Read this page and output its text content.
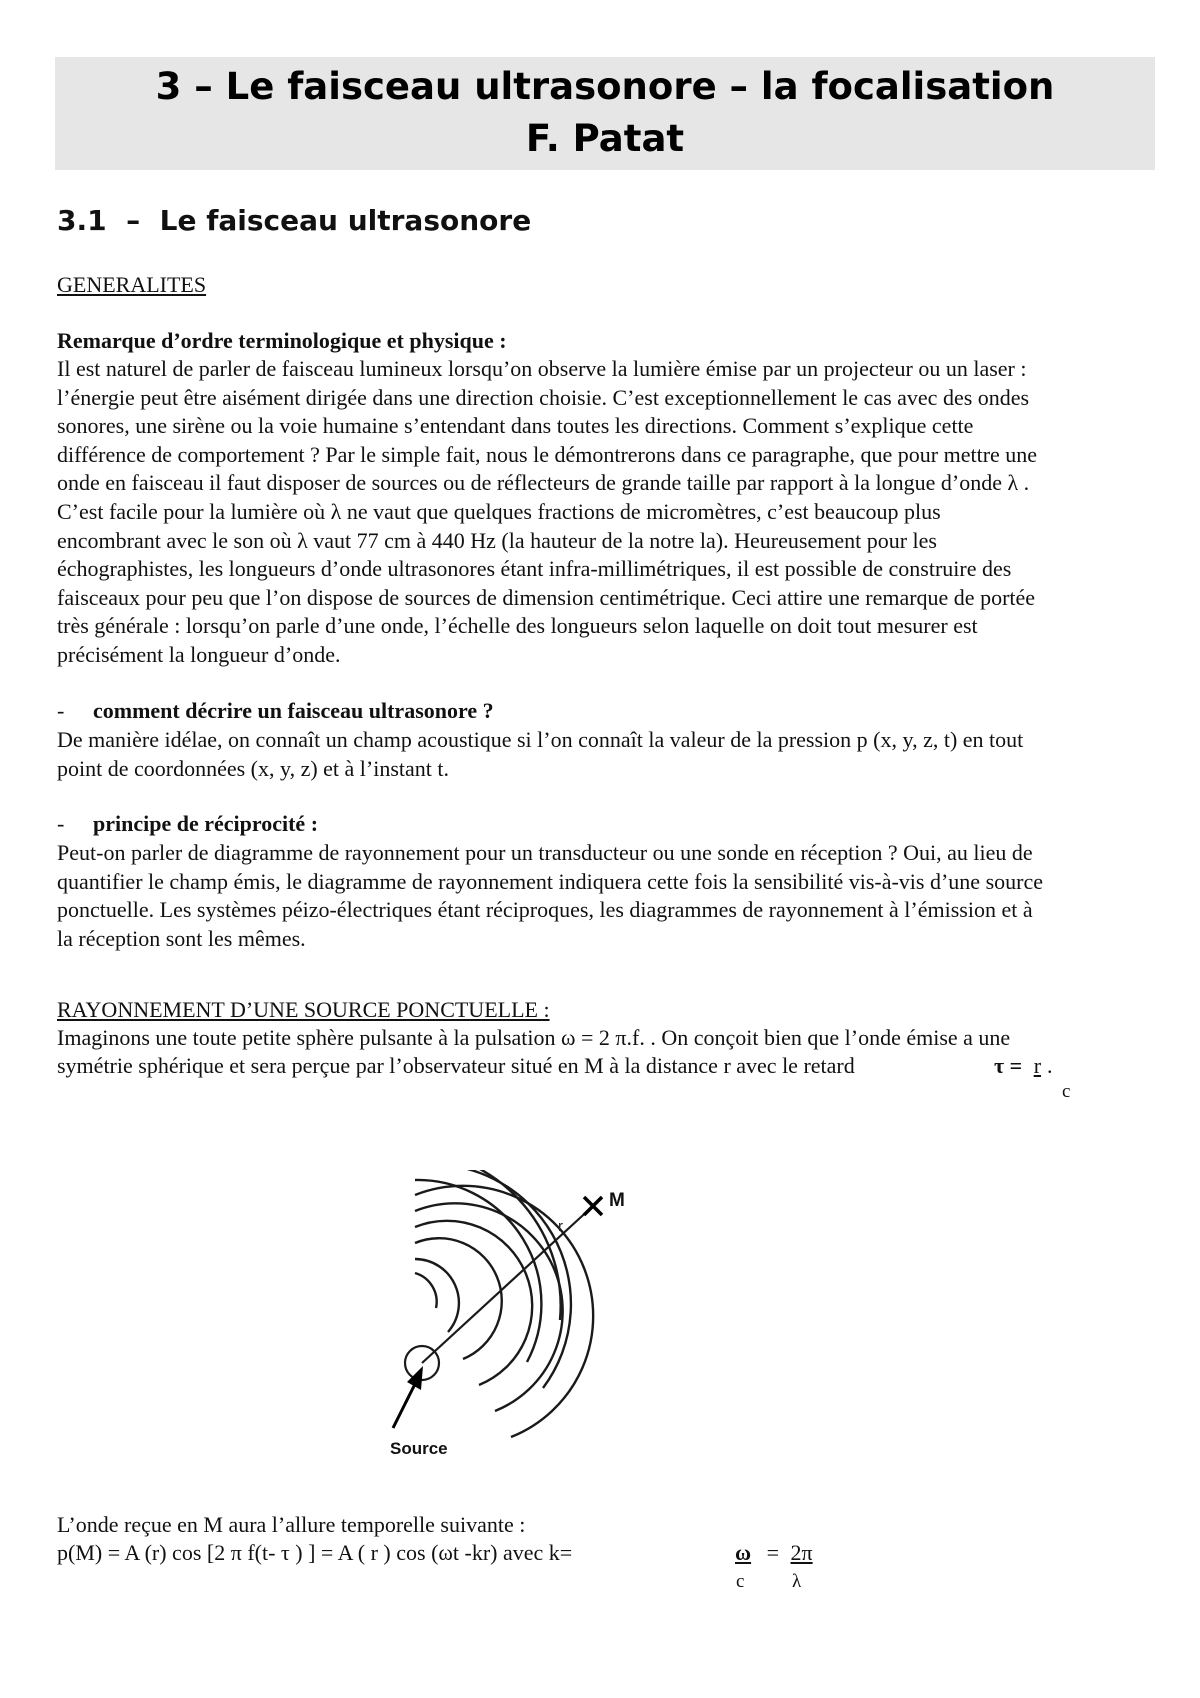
3 – Le faisceau ultrasonore – la focalisation
F. Patat
3.1 – Le faisceau ultrasonore
GENERALITES
Remarque d’ordre terminologique et physique :

Il est naturel de parler de faisceau lumineux lorsqu’on observe la lumière émise par un projecteur ou un laser :

l’énergie peut être aisément dirigée dans une direction choisie. C’est exceptionnellement le cas avec des ondes

sonores, une sirène ou la voie humaine s’entendant dans toutes les directions. Comment s’explique cette

différence de comportement ? Par le simple fait, nous le démontrerons dans ce paragraphe, que pour mettre une

onde en faisceau il faut disposer de sources ou de réflecteurs de grande taille par rapport à la longue d’onde λ .

C’est facile pour la lumière où λ ne vaut que quelques fractions de micromètres, c’est beaucoup plus

encombrant avec le son où λ vaut 77 cm à 440 Hz (la hauteur de la notre la). Heureusement pour les

échographistes, les longueurs d’onde ultrasonores étant infra-millimétriques, il est possible de construire des

faisceaux pour peu que l’on dispose de sources de dimension centimétrique. Ceci attire une remarque de portée

très générale : lorsqu’on parle d’une onde, l’échelle des longueurs selon laquelle on doit tout mesurer est

précisément la longueur d’onde.

- comment décrire un faisceau ultrasonore ?

De manière idélae, on connaît un champ acoustique si l’on connaît la valeur de la pression p (x, y, z, t) en tout

point de coordonnées (x, y, z) et à l’instant t.

- principe de réciprocité :

Peut-on parler de diagramme de rayonnement pour un transducteur ou une sonde en réception ? Oui, au lieu de

quantifier le champ émis, le diagramme de rayonnement indiquera cette fois la sensibilité vis-à-vis d’une source

ponctuelle. Les systèmes péizo-électriques étant réciproques, les diagrammes de rayonnement à l’émission et à

la réception sont les mêmes.

RAYONNEMENT D’UNE SOURCE PONCTUELLE :
Imaginons une toute petite sphère pulsante à la pulsation ω = 2 π.f. . On conçoit bien que l’onde émise a une
symétrie sphérique et sera perçue par l’observateur situé en M à la distance r avec le retard	τ = r .
c
r
M
Source
L’onde reçue en M aura l’allure temporelle suivante :
p(M) = A (r) cos [2 π f(t- τ ) ] = A ( r ) cos (ωt -kr) avec k=	ω = 2π
c	λ
